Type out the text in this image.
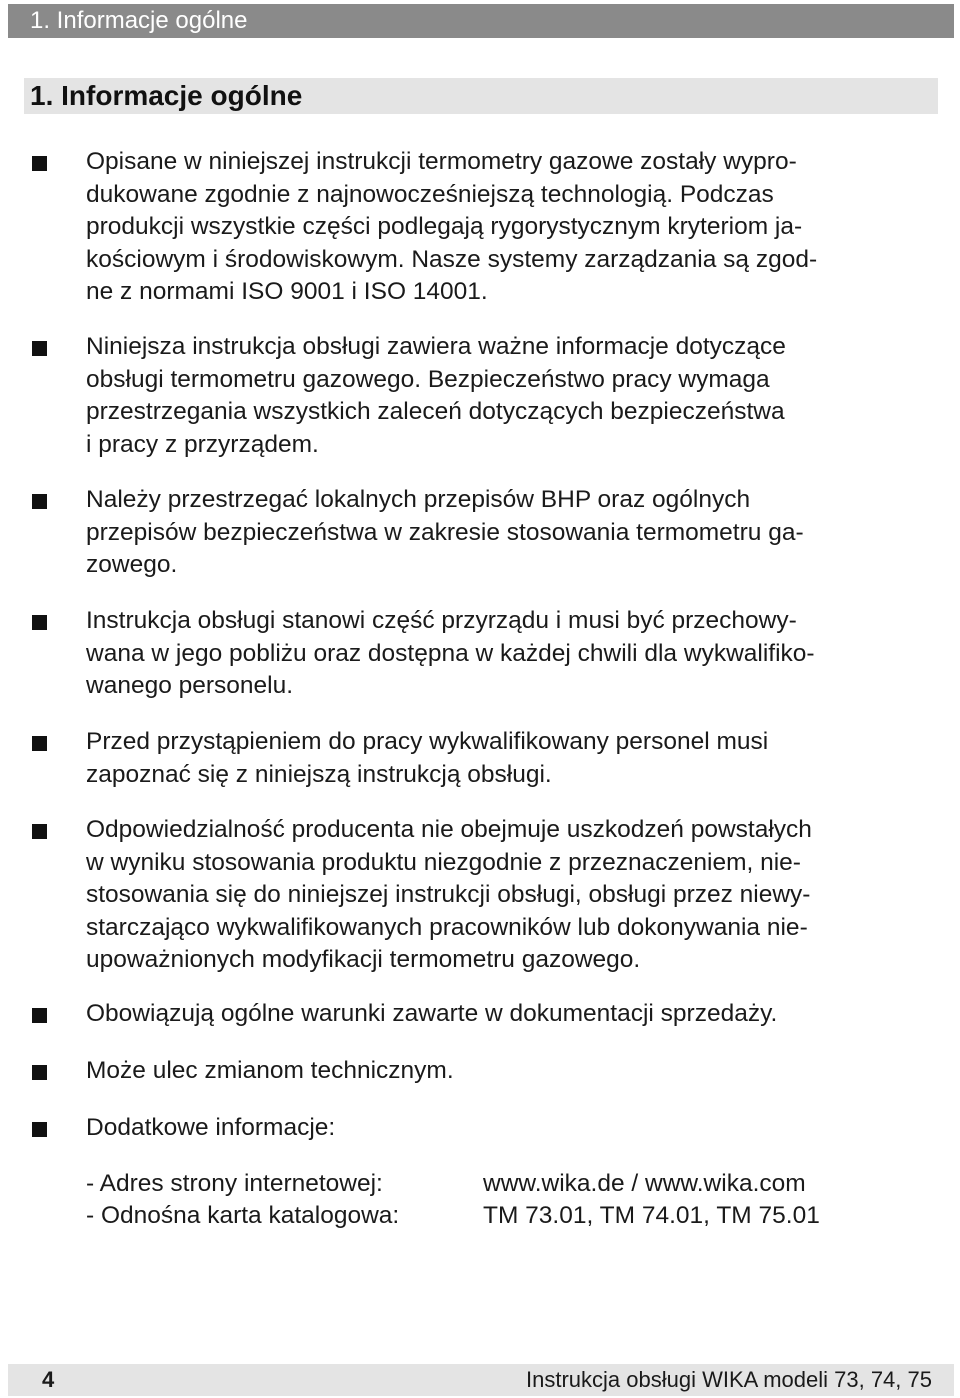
1. Informacje ogólne
1. Informacje ogólne
Opisane w niniejszej instrukcji termometry gazowe zostały wypro-
dukowane zgodnie z najnowocześniejszą technologią. Podczas
produkcji wszystkie części podlegają rygorystycznym kryteriom ja-
kościowym i środowiskowym. Nasze systemy zarządzania są zgod-
ne z normami ISO 9001 i ISO 14001.
Niniejsza instrukcja obsługi zawiera ważne informacje dotyczące
obsługi termometru gazowego. Bezpieczeństwo pracy wymaga
przestrzegania wszystkich zaleceń dotyczących bezpieczeństwa
i pracy z przyrządem.
Należy przestrzegać lokalnych przepisów BHP oraz ogólnych
przepisów bezpieczeństwa w zakresie stosowania termometru ga-
zowego.
Instrukcja obsługi stanowi część przyrządu i musi być przechowy-
wana w jego pobliżu oraz dostępna w każdej chwili dla wykwalifiko-
wanego personelu.
Przed przystąpieniem do pracy wykwalifikowany personel musi
zapoznać się z niniejszą instrukcją obsługi.
Odpowiedzialność producenta nie obejmuje uszkodzeń powstałych
w wyniku stosowania produktu niezgodnie z przeznaczeniem, nie-
stosowania się do niniejszej instrukcji obsługi, obsługi przez niewy-
starczająco wykwalifikowanych pracowników lub dokonywania nie-
upoważnionych modyfikacji termometru gazowego.
Obowiązują ogólne warunki zawarte w dokumentacji sprzedaży.
Może ulec zmianom technicznym.
Dodatkowe informacje:
- Adres strony internetowej:	www.wika.de / www.wika.com
- Odnośna karta katalogowa:	TM 73.01, TM 74.01, TM 75.01
4	Instrukcja obsługi WIKA modeli 73, 74, 75
